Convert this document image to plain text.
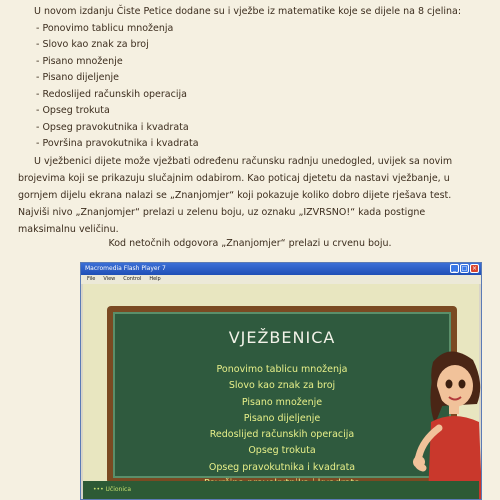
U novom izdanju Čiste Petice dodane su i vježbe iz matematike koje se dijele na 8 cjelina:
- Ponovimo tablicu množenja
- Slovo kao znak za broj
- Pisano množenje
- Pisano dijeljenje
- Redoslijed računskih operacija
- Opseg trokuta
- Opseg pravokutnika i kvadrata
- Površina pravokutnika i kvadrata
U vježbenici dijete može vježbati određenu računsku radnju unedogled, uvijek sa novim
brojevima koji se prikazuju slučajnim odabirom. Kao poticaj djetetu da nastavi vježbanje, u
gornjem dijelu ekrana nalazi se „Znanjomjer“ koji pokazuje koliko dobro dijete rješava test.
Najviši nivo „Znanjomjer“ prelazi u zelenu boju, uz oznaku „IZVRSNO!“ kada postigne
maksimalnu veličinu.
Kod netočnih odgovora „Znanjomjer“ prelazi u crvenu boju.
Macromedia Flash Player 7	_ □ ×
File View Control Help
VJEŽBENICA
Ponovimo tablicu množenja
Slovo kao znak za broj
Pisano množenje
Pisano dijeljenje
Redoslijed računskih operacija
Opseg trokuta
Opseg pravokutnika i kvadrata
••• Učionica
